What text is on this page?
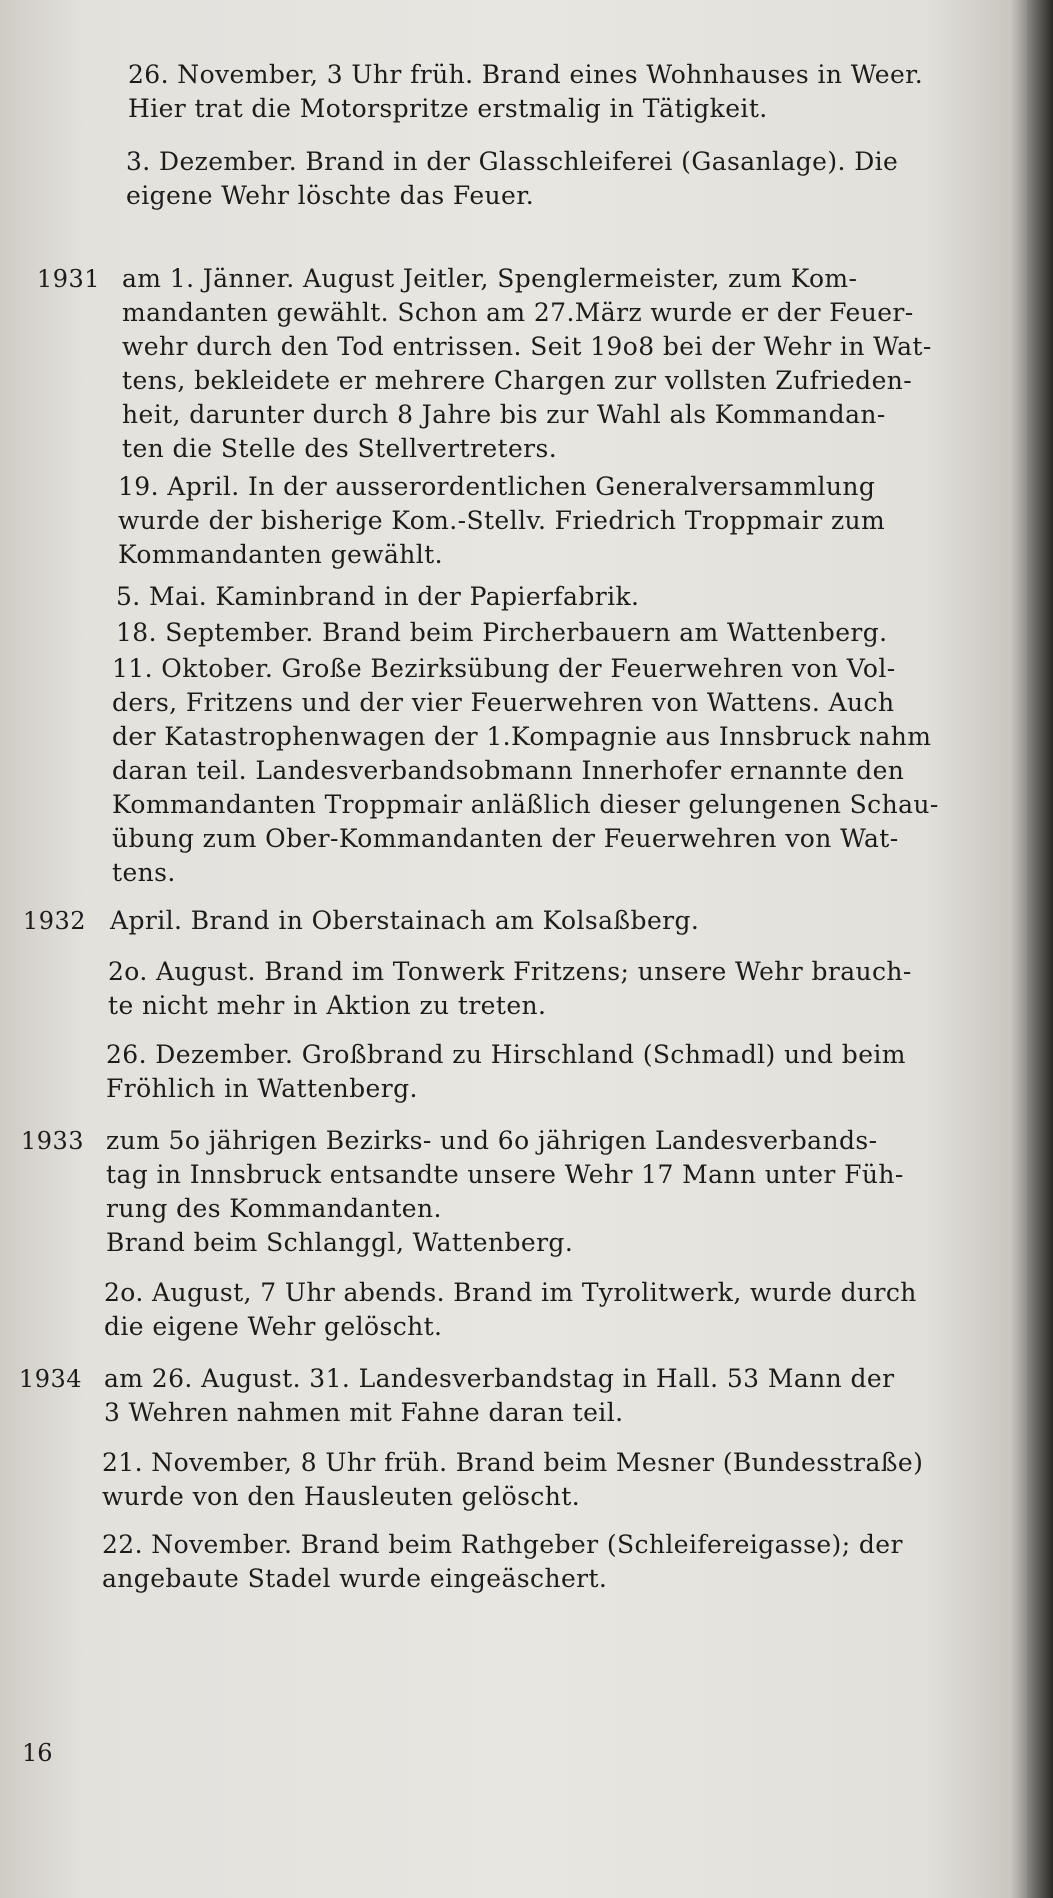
26. November, 3 Uhr früh. Brand eines Wohnhauses in Weer.
Hier trat die Motorspritze erstmalig in Tätigkeit.
3. Dezember. Brand in der Glasschleiferei (Gasanlage). Die
eigene Wehr löschte das Feuer.
1931 am 1. Jänner. August Jeitler, Spenglermeister, zum Kom-
mandanten gewählt. Schon am 27.März wurde er der Feuer-
wehr durch den Tod entrissen. Seit 19o8 bei der Wehr in Wat-
tens, bekleidete er mehrere Chargen zur vollsten Zufrieden-
heit, darunter durch 8 Jahre bis zur Wahl als Kommandan-
ten die Stelle des Stellvertreters.
19. April. In der ausserordentlichen Generalversammlung
wurde der bisherige Kom.-Stellv. Friedrich Troppmair zum
Kommandanten gewählt.
5. Mai. Kaminbrand in der Papierfabrik.
18. September. Brand beim Pircherbauern am Wattenberg.
11. Oktober. Große Bezirksübung der Feuerwehren von Vol-
ders, Fritzens und der vier Feuerwehren von Wattens. Auch
der Katastrophenwagen der 1.Kompagnie aus Innsbruck nahm
daran teil. Landesverbandsobmann Innerhofer ernannte den
Kommandanten Troppmair anläßlich dieser gelungenen Schau-
übung zum Ober-Kommandanten der Feuerwehren von Wat-
tens.
1932 April. Brand in Oberstainach am Kolsaßberg.
2o. August. Brand im Tonwerk Fritzens; unsere Wehr brauch-
te nicht mehr in Aktion zu treten.
26. Dezember. Großbrand zu Hirschland (Schmadl) und beim
Fröhlich in Wattenberg.
1933 zum 5o jährigen Bezirks- und 6o jährigen Landesverbands-
tag in Innsbruck entsandte unsere Wehr 17 Mann unter Füh-
rung des Kommandanten.
Brand beim Schlanggl, Wattenberg.
2o. August, 7 Uhr abends. Brand im Tyrolitwerk, wurde durch
die eigene Wehr gelöscht.
1934 am 26. August. 31. Landesverbandstag in Hall. 53 Mann der
3 Wehren nahmen mit Fahne daran teil.
21. November, 8 Uhr früh. Brand beim Mesner (Bundesstraße)
wurde von den Hausleuten gelöscht.
22. November. Brand beim Rathgeber (Schleifereigasse); der
angebaute Stadel wurde eingeäschert.
16
